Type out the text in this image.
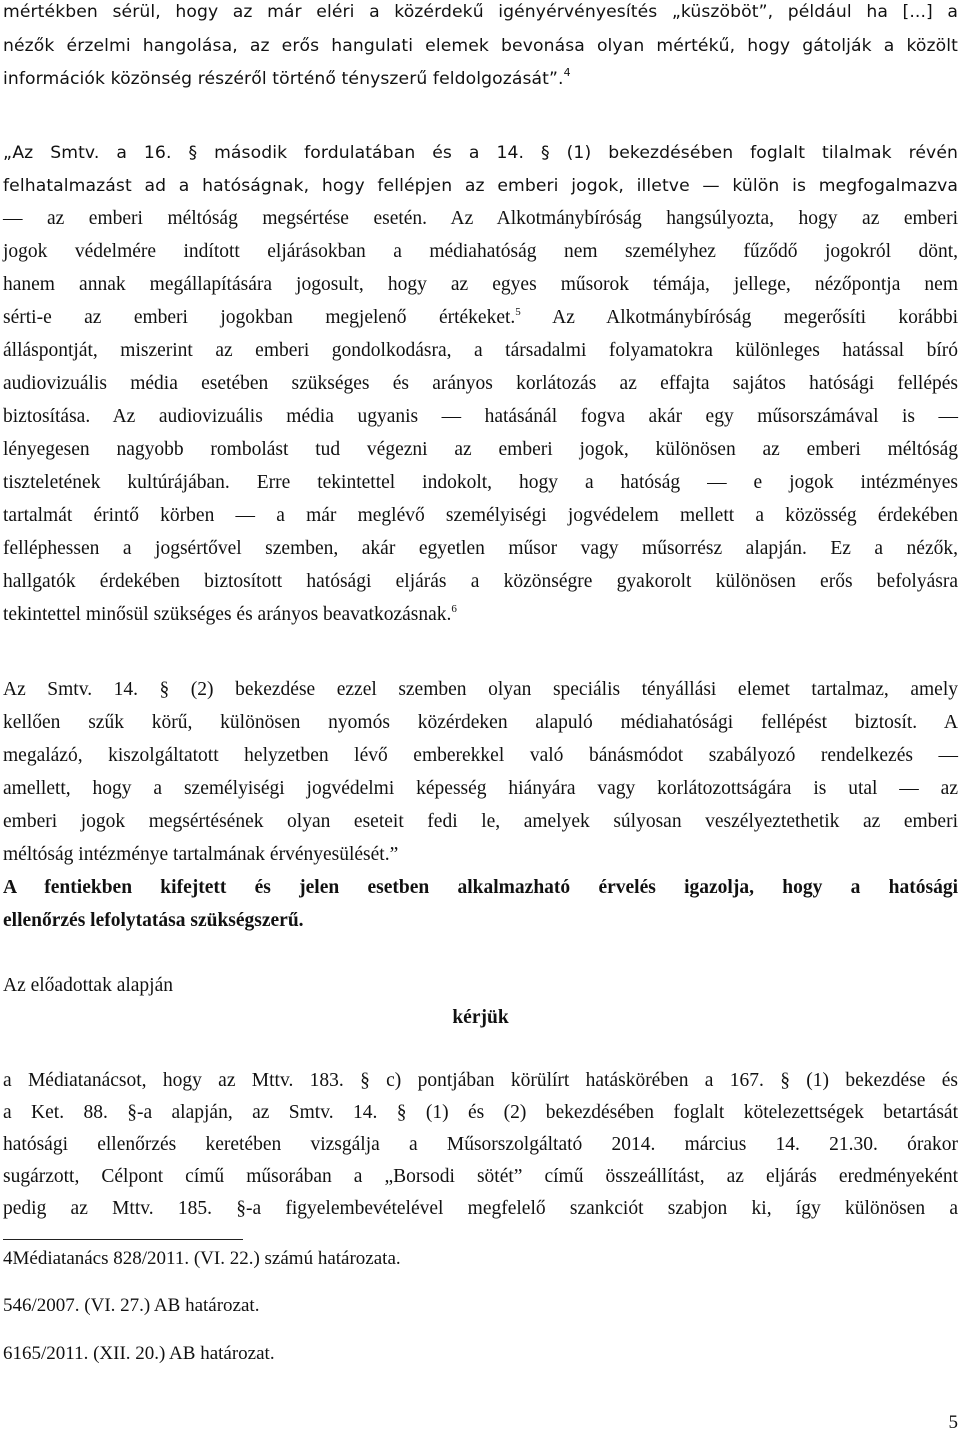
mértékben sérül, hogy az már eléri a közérdekű igényérvényesítés „küszöböt”, például ha [...] a
nézők érzelmi hangolása, az erős hangulati elemek bevonása olyan mértékű, hogy gátolják a közölt
információk közönség részéről történő tényszerű feldolgozását”.$^4$
„Az Smtv. a 16. § második fordulatában és a 14. § (1) bekezdésében foglalt tilalmak révén
felhatalmazást ad a hatóságnak, hogy fellépjen az emberi jogok, illetve — külön is megfogalmazva
— az emberi méltóság megsértése esetén. Az Alkotmánybíróság hangsúlyozta, hogy az emberi
jogok védelmére indított eljárásokban a médiahatóság nem személyhez fűződő jogokról dönt,
hanem annak megállapítására jogosult, hogy az egyes műsorok témája, jellege, nézőpontja nem
sérti-e az emberi jogokban megjelenő értékeket.$^5$ Az Alkotmánybíróság megerősíti korábbi
álláspontját, miszerint az emberi gondolkodásra, a társadalmi folyamatokra különleges hatással bíró
audiovizuális média esetében szükséges és arányos korlátozás az effajta sajátos hatósági fellépés
biztosítása. Az audiovizuális média ugyanis — hatásánál fogva akár egy műsorszámával is —
lényegesen nagyobb rombolást tud végezni az emberi jogok, különösen az emberi méltóság
tiszteletének kultúrájában. Erre tekintettel indokolt, hogy a hatóság — e jogok intézményes
tartalmát érintő körben — a már meglévő személyiségi jogvédelem mellett a közösség érdekében
felléphessen a jogsértővel szemben, akár egyetlen műsor vagy műsorrész alapján. Ez a nézők,
hallgatók érdekében biztosított hatósági eljárás a közönségre gyakorolt különösen erős befolyásra
tekintettel minősül szükséges és arányos beavatkozásnak.$^6$
Az Smtv. 14. § (2) bekezdése ezzel szemben olyan speciális tényállási elemet tartalmaz, amely
kellően szűk körű, különösen nyomós közérdeken alapuló médiahatósági fellépést biztosít. A
megalázó, kiszolgáltatott helyzetben lévő emberekkel való bánásmódot szabályozó rendelkezés —
amellett, hogy a személyiségi jogvédelmi képesség hiányára vagy korlátozottságára is utal — az
emberi jogok megsértésének olyan eseteit fedi le, amelyek súlyosan veszélyeztethetik az emberi
méltóság intézménye tartalmának érvényesülését.”
A fentiekben kifejtett és jelen esetben alkalmazható érvelés igazolja, hogy a hatósági
ellenőrzés lefolytatása szükségszerű.
Az előadottak alapján
kérjük
a Médiatanácsot, hogy az Mttv. 183. § c) pontjában körülírt hatáskörében a 167. § (1) bekezdése és
a Ket. 88. §-a alapján, az Smtv. 14. § (1) és (2) bekezdésében foglalt kötelezettségek betartását
hatósági ellenőrzés keretében vizsgálja a Műsorszolgáltató 2014. március 14. 21.30. órakor
sugárzott, Célpont című műsorában a „Borsodi sötét” című összeállítást, az eljárás eredményeként
pedig az Mttv. 185. §-a figyelembevételével megfelelő szankciót szabjon ki, így különösen a
4Médiatanács 828/2011. (VI. 22.) számú határozata.
546/2007. (VI. 27.) AB határozat.
6165/2011. (XII. 20.) AB határozat.
5
